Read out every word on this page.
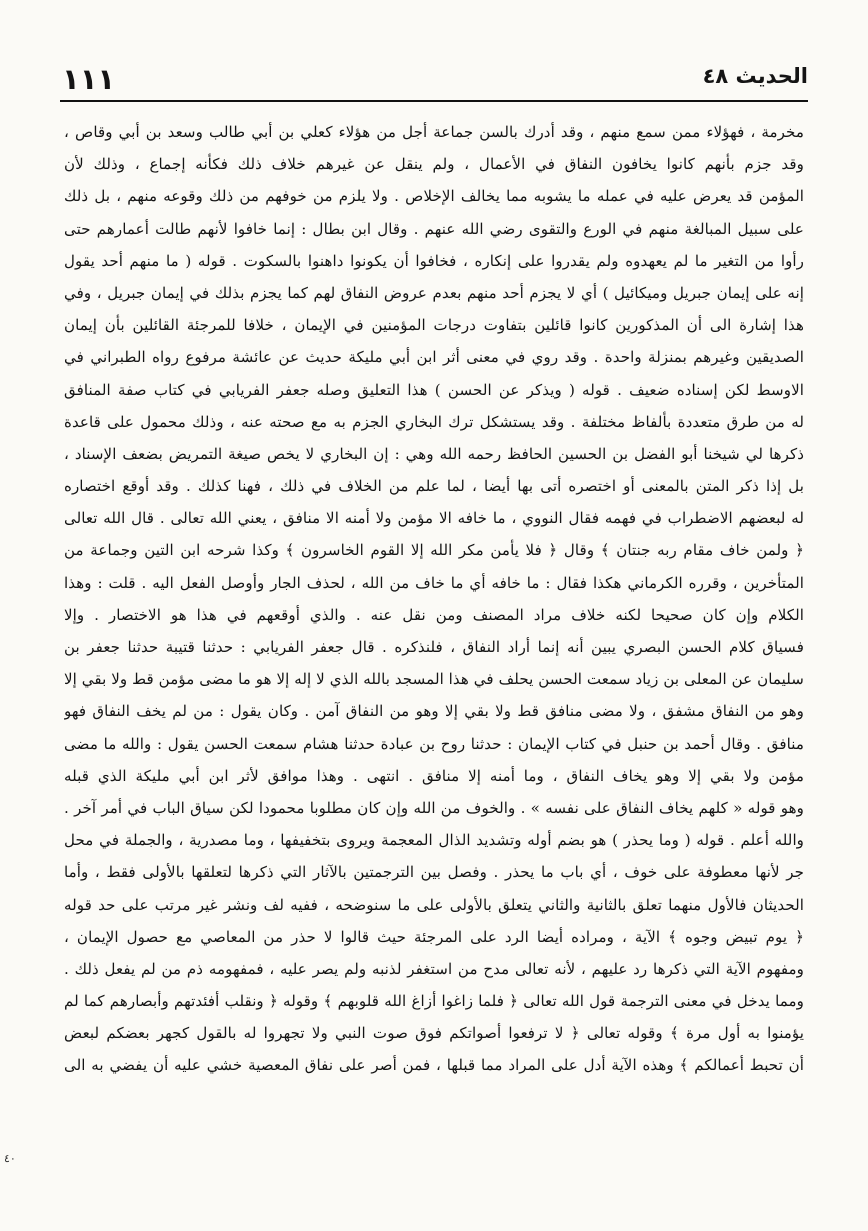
الحديث ٤٨
١١١
مخرمة ، فهؤلاء ممن سمع منهم ، وقد أدرك بالسن جماعة أجل من هؤلاء كعلي بن أبي طالب وسعد بن أبي وقاص ،
وقد جزم بأنهم كانوا يخافون النفاق في الأعمال ، ولم ينقل عن غيرهم خلاف ذلك فكأنه إجماع ، وذلك لأن
المؤمن قد يعرض عليه في عمله ما يشوبه مما يخالف الإخلاص . ولا يلزم من خوفهم من ذلك وقوعه منهم ، بل ذلك
على سبيل المبالغة منهم في الورع والتقوى رضي الله عنهم . وقال ابن بطال : إنما خافوا لأنهم طالت أعمارهم حتى
رأوا من التغير ما لم يعهدوه ولم يقدروا على إنكاره ، فخافوا أن يكونوا داهنوا بالسكوت . قوله ( ما منهم أحد يقول
إنه على إيمان جبريل وميكائيل ) أي لا يجزم أحد منهم بعدم عروض النفاق لهم كما يجزم بذلك في إيمان جبريل ، وفي
هذا إشارة الى أن المذكورين كانوا قائلين بتفاوت درجات المؤمنين في الإيمان ، خلافا للمرجئة القائلين بأن إيمان
الصديقين وغيرهم بمنزلة واحدة . وقد روي في معنى أثر ابن أبي مليكة حديث عن عائشة مرفوع رواه الطبراني في
الاوسط لكن إسناده ضعيف . قوله ( ويذكر عن الحسن ) هذا التعليق وصله جعفر الفريابي في كتاب صفة المنافق
له من طرق متعددة بألفاظ مختلفة . وقد يستشكل ترك البخاري الجزم به مع صحته عنه ، وذلك محمول على قاعدة
ذكرها لي شيخنا أبو الفضل بن الحسين الحافظ رحمه الله وهي : إن البخاري لا يخص صيغة التمريض بضعف الإسناد ،
بل إذا ذكر المتن بالمعنى أو اختصره أتى بها أيضا ، لما علم من الخلاف في ذلك ، فهنا كذلك . وقد أوقع اختصاره
له لبعضهم الاضطراب في فهمه فقال النووي ، ما خافه الا مؤمن ولا أمنه الا منافق ، يعني الله تعالى . قال الله تعالى
﴿ ولمن خاف مقام ربه جنتان ﴾ وقال ﴿ فلا يأمن مكر الله إلا القوم الخاسرون ﴾ وكذا شرحه ابن التين وجماعة من
المتأخرين ، وقرره الكرماني هكذا فقال : ما خافه أي ما خاف من الله ، لحذف الجار وأوصل الفعل اليه . قلت : وهذا
الكلام وإن كان صحيحا لكنه خلاف مراد المصنف ومن نقل عنه . والذي أوقعهم في هذا هو الاختصار . وإلا
فسياق كلام الحسن البصري يبين أنه إنما أراد النفاق ، فلنذكره . قال جعفر الفريابي : حدثنا قتيبة حدثنا جعفر بن
سليمان عن المعلى بن زياد سمعت الحسن يحلف في هذا المسجد بالله الذي لا إله إلا هو ما مضى مؤمن قط ولا بقي إلا
وهو من النفاق مشفق ، ولا مضى منافق قط ولا بقي إلا وهو من النفاق آمن . وكان يقول : من لم يخف النفاق فهو
منافق . وقال أحمد بن حنبل في كتاب الإيمان : حدثنا روح بن عبادة حدثنا هشام سمعت الحسن يقول : والله ما مضى
مؤمن ولا بقي إلا وهو يخاف النفاق ، وما أمنه إلا منافق . انتهى . وهذا موافق لأثر ابن أبي مليكة الذي قبله
وهو قوله « كلهم يخاف النفاق على نفسه » . والخوف من الله وإن كان مطلوبا محمودا لكن سياق الباب في أمر آخر .
والله أعلم . قوله ( وما يحذر ) هو بضم أوله وتشديد الذال المعجمة ويروى بتخفيفها ، وما مصدرية ، والجملة في محل
جر لأنها معطوفة على خوف ، أي باب ما يحذر . وفصل بين الترجمتين بالآثار التي ذكرها لتعلقها بالأولى فقط ، وأما
الحديثان فالأول منهما تعلق بالثانية والثاني يتعلق بالأولى على ما سنوضحه ، ففيه لف ونشر غير مرتب على حد قوله
﴿ يوم تبيض وجوه ﴾ الآية ، ومراده أيضا الرد على المرجئة حيث قالوا لا حذر من المعاصي مع حصول الإيمان ،
ومفهوم الآية التي ذكرها رد عليهم ، لأنه تعالى مدح من استغفر لذنبه ولم يصر عليه ، فمفهومه ذم من لم يفعل ذلك .
ومما يدخل في معنى الترجمة قول الله تعالى ﴿ فلما زاغوا أزاغ الله قلوبهم ﴾ وقوله ﴿ ونقلب أفئدتهم وأبصارهم كما لم
يؤمنوا به أول مرة ﴾ وقوله تعالى ﴿ لا ترفعوا أصواتكم فوق صوت النبي ولا تجهروا له بالقول كجهر بعضكم لبعض
أن تحبط أعمالكم ﴾ وهذه الآية أدل على المراد مما قبلها ، فمن أصر على نفاق المعصية خشي عليه أن يفضي به الى
٤٠
